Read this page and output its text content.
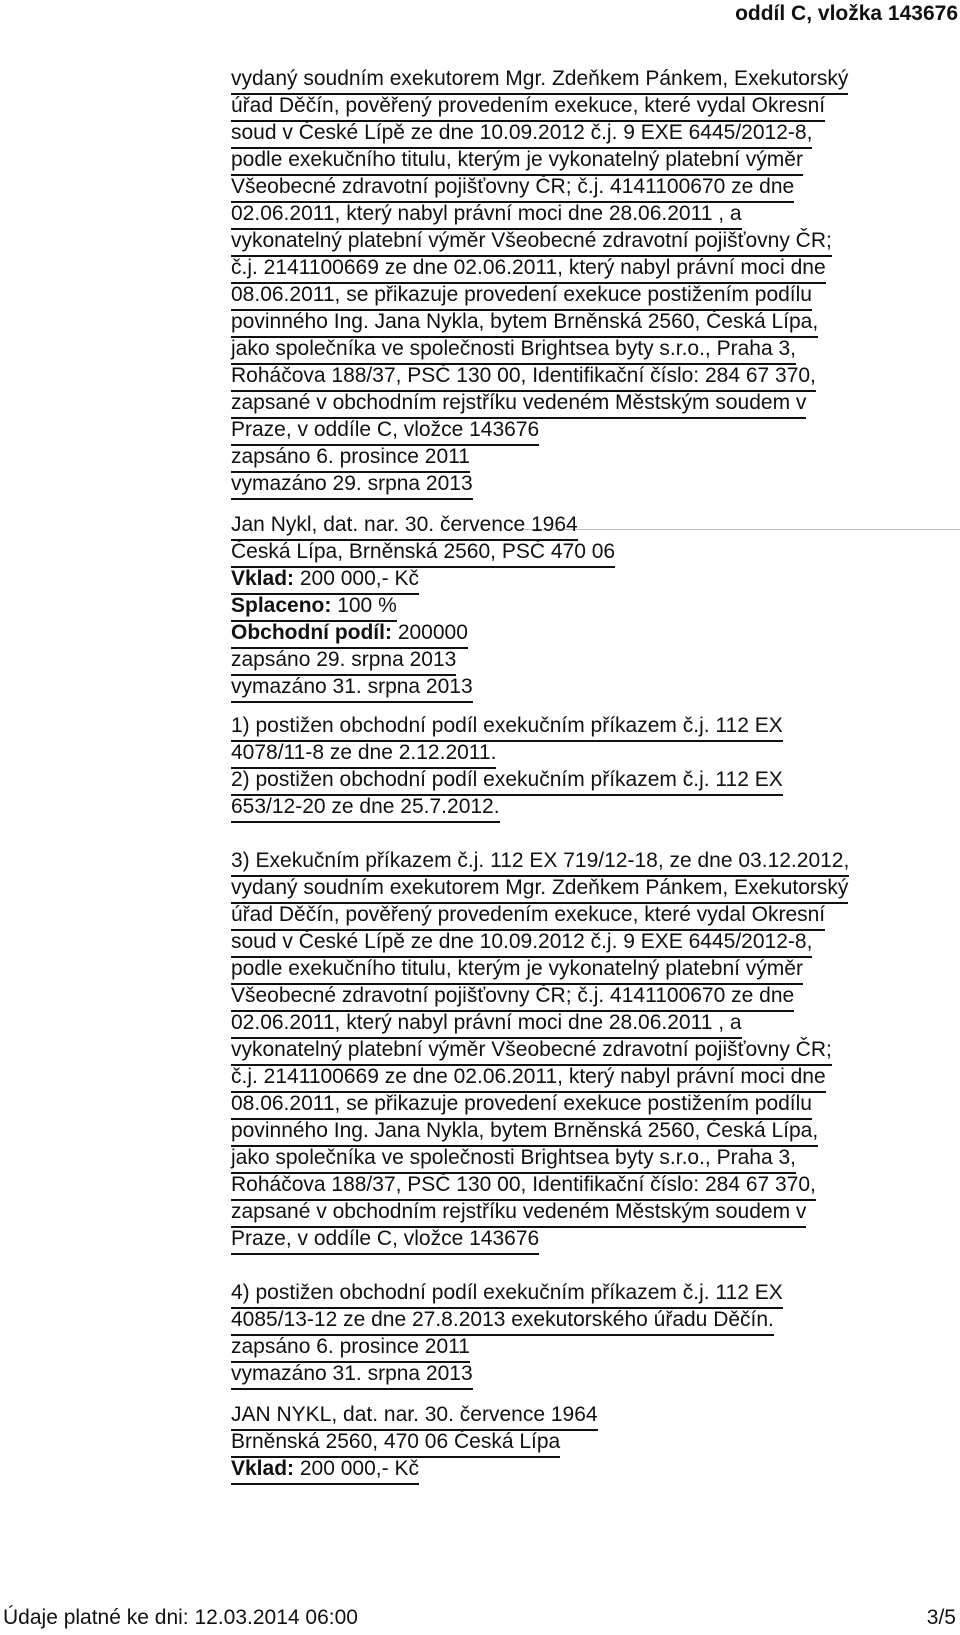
oddíl C, vložka 143676
vydaný soudním exekutorem Mgr. Zdeňkem Pánkem, Exekutorský
úřad Děčín, pověřený provedením exekuce, které vydal Okresní
soud v České Lípě ze dne 10.09.2012 č.j. 9 EXE 6445/2012-8,
podle exekučního titulu, kterým je vykonatelný platební výměr
Všeobecné zdravotní pojišťovny ČR; č.j. 4141100670 ze dne
02.06.2011, který nabyl právní moci dne 28.06.2011 , a
vykonatelný platební výměr Všeobecné zdravotní pojišťovny ČR;
č.j. 2141100669 ze dne 02.06.2011, který nabyl právní moci dne
08.06.2011, se přikazuje provedení exekuce postižením podílu
povinného Ing. Jana Nykla, bytem Brněnská 2560, Česká Lípa,
jako společníka ve společnosti Brightsea byty s.r.o., Praha 3,
Roháčova 188/37, PSČ 130 00, Identifikační číslo: 284 67 370,
zapsané v obchodním rejstříku vedeném Městským soudem v
Praze, v oddíle C, vložce 143676
zapsáno 6. prosince 2011
vymazáno 29. srpna 2013
Jan Nykl, dat. nar. 30. července 1964
Česká Lípa, Brněnská 2560, PSČ 470 06
Vklad: 200 000,- Kč
Splaceno: 100 %
Obchodní podíl: 200000
zapsáno 29. srpna 2013
vymazáno 31. srpna 2013
1) postižen obchodní podíl exekučním příkazem č.j. 112 EX
4078/11-8 ze dne 2.12.2011.
2) postižen obchodní podíl exekučním příkazem č.j. 112 EX
653/12-20 ze dne 25.7.2012.
3) Exekučním příkazem č.j. 112 EX 719/12-18, ze dne 03.12.2012,
vydaný soudním exekutorem Mgr. Zdeňkem Pánkem, Exekutorský
úřad Děčín, pověřený provedením exekuce, které vydal Okresní
soud v České Lípě ze dne 10.09.2012 č.j. 9 EXE 6445/2012-8,
podle exekučního titulu, kterým je vykonatelný platební výměr
Všeobecné zdravotní pojišťovny ČR; č.j. 4141100670 ze dne
02.06.2011, který nabyl právní moci dne 28.06.2011 , a
vykonatelný platební výměr Všeobecné zdravotní pojišťovny ČR;
č.j. 2141100669 ze dne 02.06.2011, který nabyl právní moci dne
08.06.2011, se přikazuje provedení exekuce postižením podílu
povinného Ing. Jana Nykla, bytem Brněnská 2560, Česká Lípa,
jako společníka ve společnosti Brightsea byty s.r.o., Praha 3,
Roháčova 188/37, PSČ 130 00, Identifikační číslo: 284 67 370,
zapsané v obchodním rejstříku vedeném Městským soudem v
Praze, v oddíle C, vložce 143676
4) postižen obchodní podíl exekučním příkazem č.j. 112 EX
4085/13-12 ze dne 27.8.2013 exekutorského úřadu Děčín.
zapsáno 6. prosince 2011
vymazáno 31. srpna 2013
JAN NYKL, dat. nar. 30. července 1964
Brněnská 2560, 470 06 Česká Lípa
Vklad: 200 000,- Kč
Údaje platné ke dni: 12.03.2014 06:00	3/5
